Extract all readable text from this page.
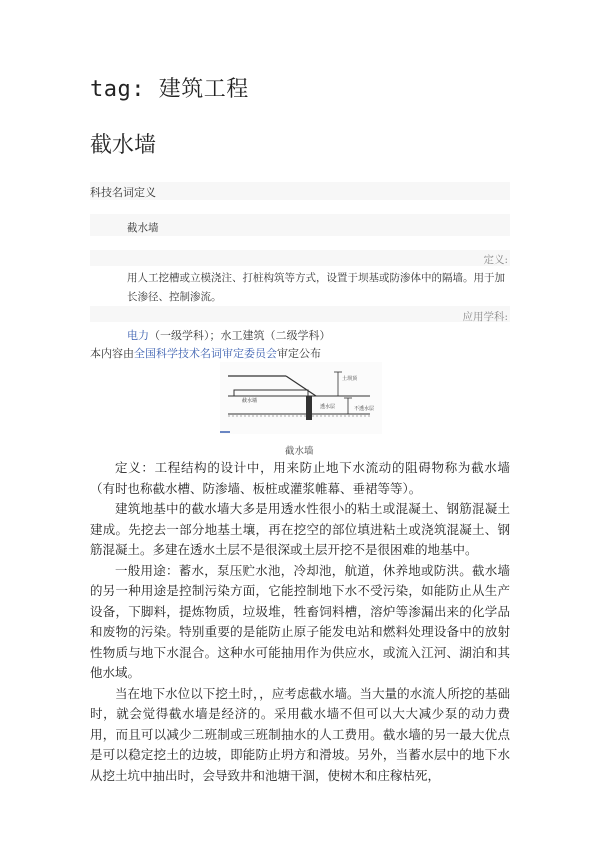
tag: 建筑工程
截水墙
科技名词定义
截水墙
定义:
用人工挖槽或立模浇注、打桩构筑等方式，设置于坝基或防渗体中的隔墙。用于加长渗径、控制渗流。
应用学科:
电力（一级学科）；水工建筑（二级学科）
本内容由全国科学技术名词审定委员会审定公布
土坝顶
截水墙
透水层	不透水层
截水墙

定义：工程结构的设计中，用来防止地下水流动的阻碍物称为截水墙（有时也称截水槽、防渗墙、板桩或灌浆帷幕、垂裙等等）。

建筑地基中的截水墙大多是用透水性很小的粘土或混凝土、钢筋混凝土建成。先挖去一部分地基土壤，再在挖空的部位填进粘土或浇筑混凝土、钢筋混凝土。多建在透水土层不是很深或土层开挖不是很困难的地基中。

一般用途：蓄水，泵压贮水池，冷却池，航道，休养地或防洪。截水墙的另一种用途是控制污染方面，它能控制地下水不受污染，如能防止从生产设备，下脚料，提炼物质，垃圾堆，牲畜饲料槽，溶炉等渗漏出来的化学品和废物的污染。特别重要的是能防止原子能发电站和燃料处理设备中的放射性物质与地下水混合。这种水可能抽用作为供应水，或流入江河、湖泊和其他水域。

当在地下水位以下挖土时，，应考虑截水墙。当大量的水流人所挖的基础时，就会觉得截水墙是经济的。采用截水墙不但可以大大减少泵的动力费用，而且可以减少二班制或三班制抽水的人工费用。截水墙的另一最大优点是可以稳定挖土的边坡，即能防止坍方和滑坡。另外，当蓄水层中的地下水从挖土坑中抽出时，会导致井和池塘干涸，使树木和庄稼枯死，
